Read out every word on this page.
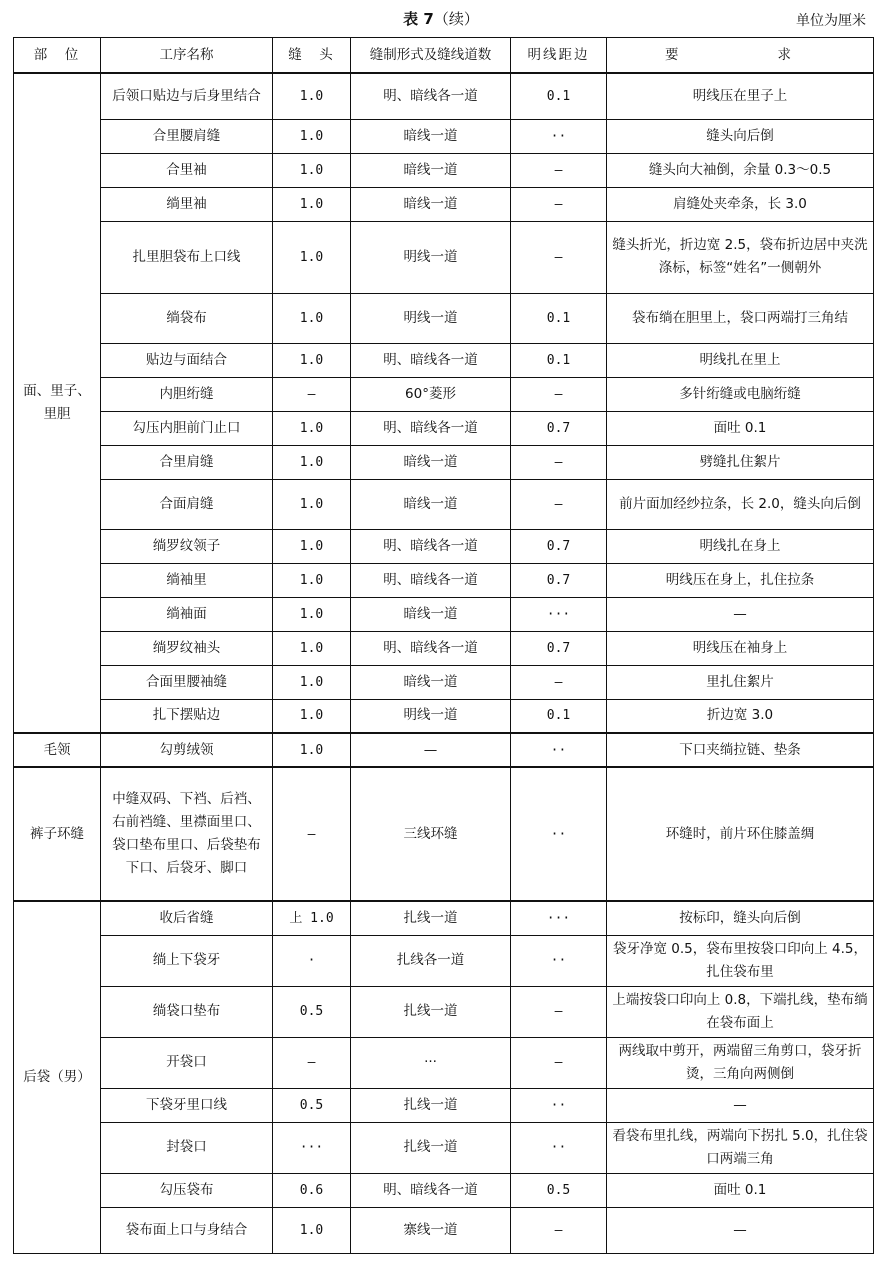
表 7（续）	单位为厘米
部　位	工序名称	缝　头	缝制形式及缝线道数	明线距边	要　　求
面、里子、里胆	后领口贴边与后身里结合	1.0	明、暗线各一道	0.1	明线压在里子上
	合里腰肩缝	1.0	暗线一道	··	缝头向后倒
	合里袖	1.0	暗线一道	—	缝头向大袖倒，余量 0.3～0.5
	绱里袖	1.0	暗线一道	—	肩缝处夹牵条，长 3.0
	扎里胆袋布上口线	1.0	明线一道	—	缝头折光，折边宽 2.5，袋布折边居中夹洗涤标，标签“姓名”一侧朝外
	绱袋布	1.0	明线一道	0.1	袋布绱在胆里上，袋口两端打三角结
	贴边与面结合	1.0	明、暗线各一道	0.1	明线扎在里上
	内胆绗缝	—	60°菱形	—	多针绗缝或电脑绗缝
	勾压内胆前门止口	1.0	明、暗线各一道	0.7	面吐 0.1
	合里肩缝	1.0	暗线一道	—	劈缝扎住絮片
	合面肩缝	1.0	暗线一道	—	前片面加经纱拉条，长 2.0，缝头向后倒
	绱罗纹领子	1.0	明、暗线各一道	0.7	明线扎在身上
	绱袖里	1.0	明、暗线各一道	0.7	明线压在身上，扎住拉条
	绱袖面	1.0	暗线一道	···	—
	绱罗纹袖头	1.0	明、暗线各一道	0.7	明线压在袖身上
	合面里腰袖缝	1.0	暗线一道	—	里扎住絮片
	扎下摆贴边	1.0	明线一道	0.1	折边宽 3.0
毛领	勾剪绒领	1.0	—	··	下口夹绱拉链、垫条
裤子环缝	中缝双码、下裆、后裆、右前裆缝、里襟面里口、袋口垫布里口、后袋垫布下口、后袋牙、脚口	—	三线环缝	··	环缝时，前片环住膝盖绸
后袋（男）	收后省缝	上 1.0	扎线一道	···	按标印，缝头向后倒
	绱上下袋牙	·	扎线各一道	··	袋牙净宽 0.5，袋布里按袋口印向上 4.5，扎住袋布里
	绱袋口垫布	0.5	扎线一道	—	上端按袋口印向上 0.8，下端扎线，垫布绱在袋布面上
	开袋口	—	···	—	两线取中剪开，两端留三角剪口，袋牙折烫，三角向两侧倒
	下袋牙里口线	0.5	扎线一道	··	—
	封袋口	···	扎线一道	··	看袋布里扎线，两端向下拐扎 5.0，扎住袋口两端三角
	勾压袋布	0.6	明、暗线各一道	0.5	面吐 0.1
	袋布面上口与身结合	1.0	寨线一道	—	—
